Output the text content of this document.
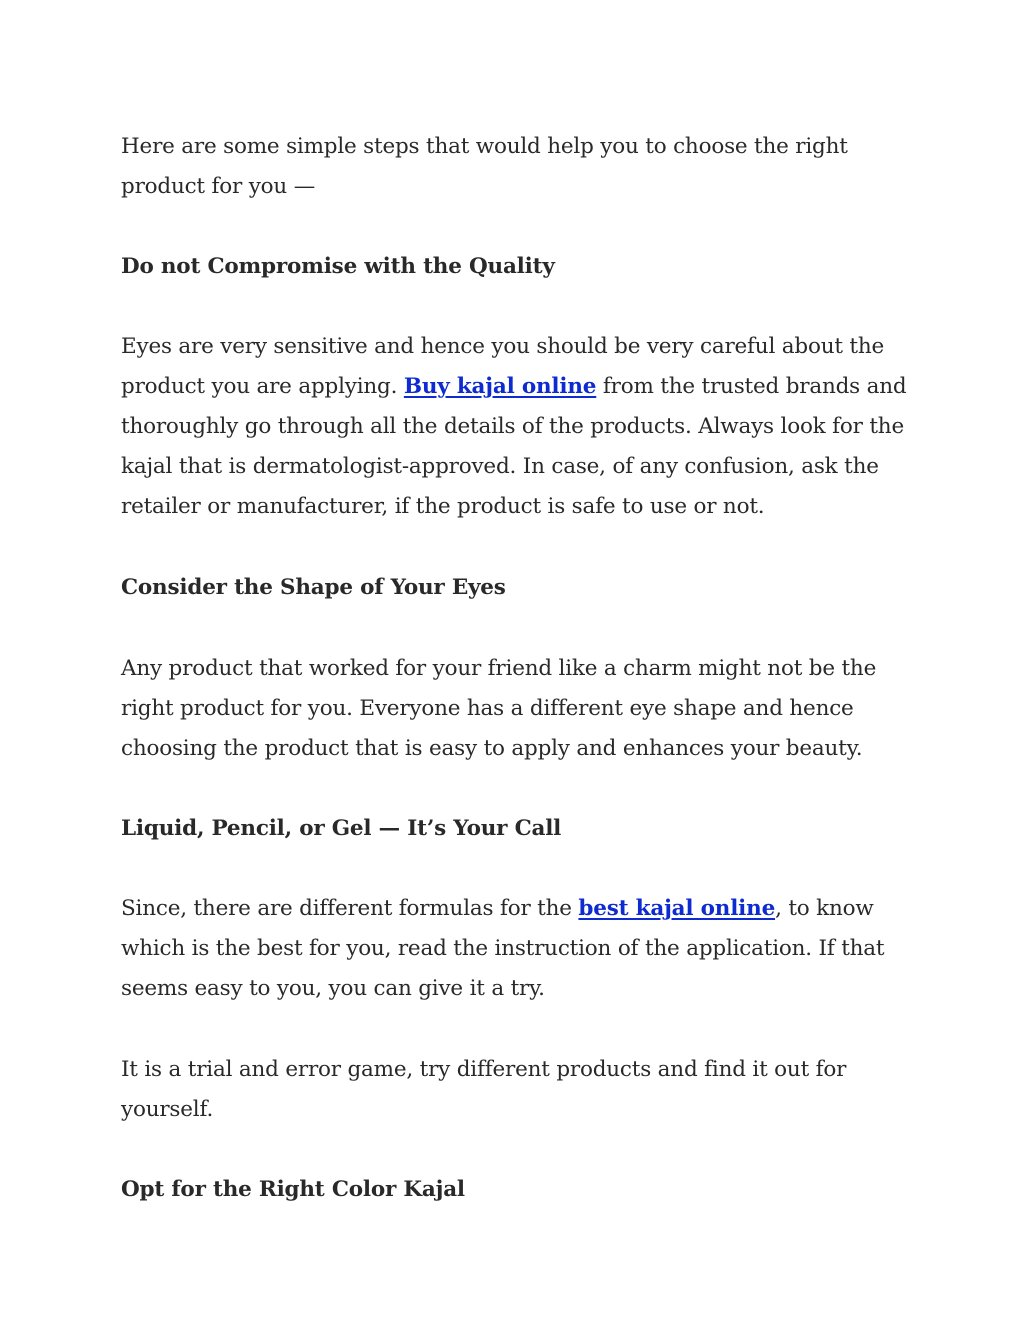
Here are some simple steps that would help you to choose the right product for you —

Do not Compromise with the Quality

Eyes are very sensitive and hence you should be very careful about the product you are applying. Buy kajal online from the trusted brands and thoroughly go through all the details of the products. Always look for the kajal that is dermatologist-approved. In case, of any confusion, ask the retailer or manufacturer, if the product is safe to use or not.

Consider the Shape of Your Eyes

Any product that worked for your friend like a charm might not be the right product for you. Everyone has a different eye shape and hence choosing the product that is easy to apply and enhances your beauty.

Liquid, Pencil, or Gel — It’s Your Call

Since, there are different formulas for the best kajal online, to know which is the best for you, read the instruction of the application. If that seems easy to you, you can give it a try.

It is a trial and error game, try different products and find it out for yourself.

Opt for the Right Color Kajal
